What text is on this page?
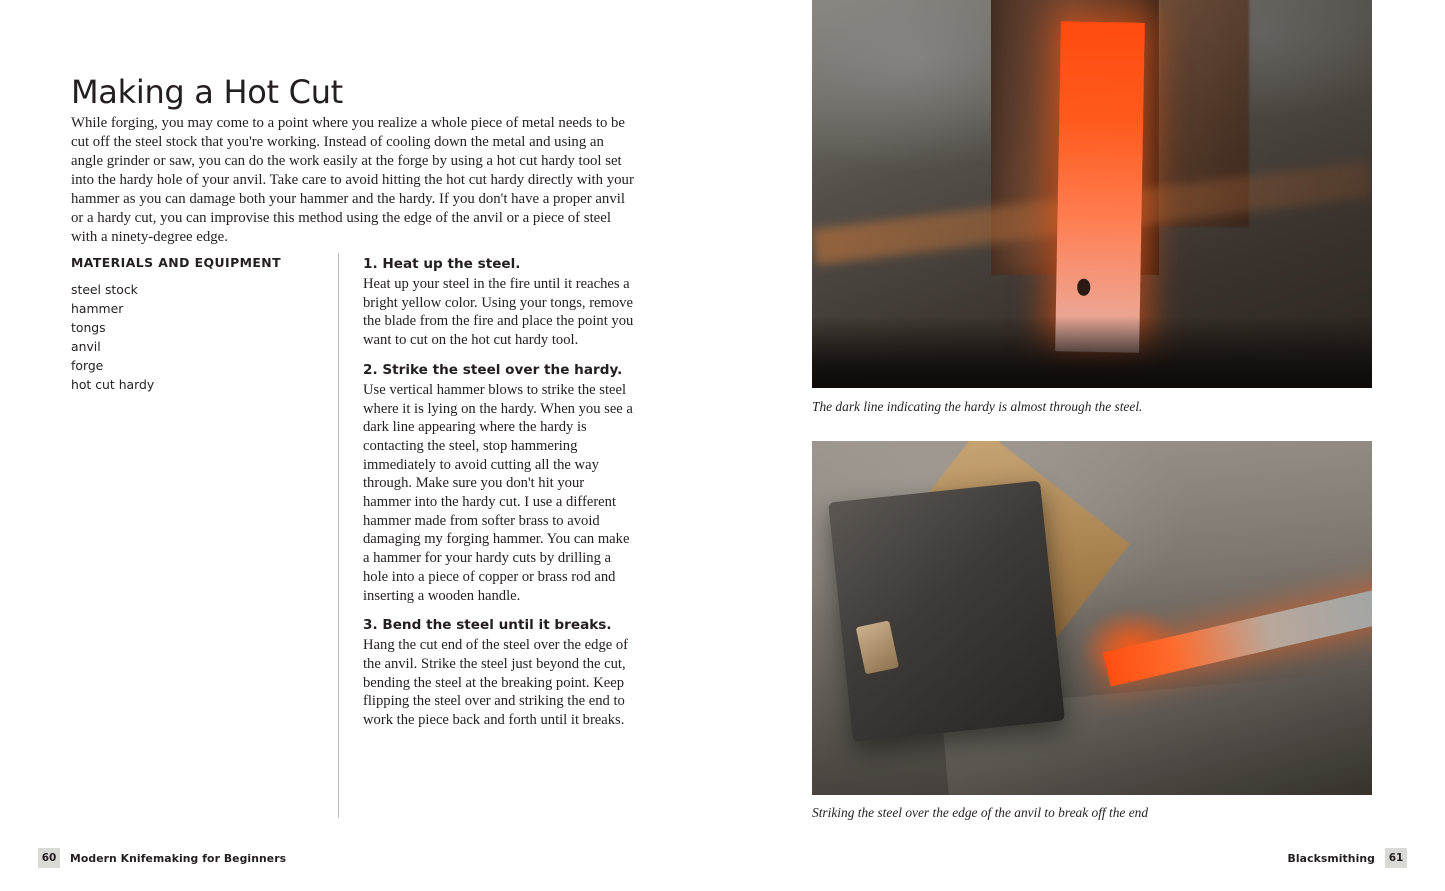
Making a Hot Cut

While forging, you may come to a point where you realize a whole piece of metal needs to be cut off the steel stock that you're working. Instead of cooling down the metal and using an angle grinder or saw, you can do the work easily at the forge by using a hot cut hardy tool set into the hardy hole of your anvil. Take care to avoid hitting the hot cut hardy directly with your hammer as you can damage both your hammer and the hardy. If you don't have a proper anvil or a hardy cut, you can improvise this method using the edge of the anvil or a piece of steel with a ninety-degree edge.

MATERIALS AND EQUIPMENT
steel stock
hammer
tongs
anvil
forge
hot cut hardy
1. Heat up the steel.
Heat up your steel in the fire until it reaches a bright yellow color. Using your tongs, remove the blade from the fire and place the point you want to cut on the hot cut hardy tool.
2. Strike the steel over the hardy.
Use vertical hammer blows to strike the steel where it is lying on the hardy. When you see a dark line appearing where the hardy is contacting the steel, stop hammering immediately to avoid cutting all the way through. Make sure you don't hit your hammer into the hardy cut. I use a different hammer made from softer brass to avoid damaging my forging hammer. You can make a hammer for your hardy cuts by drilling a hole into a piece of copper or brass rod and inserting a wooden handle.
3. Bend the steel until it breaks.
Hang the cut end of the steel over the edge of the anvil. Strike the steel just beyond the cut, bending the steel at the breaking point. Keep flipping the steel over and striking the end to work the piece back and forth until it breaks.
60	Modern Knifemaking for Beginners
The dark line indicating the hardy is almost through the steel.
Striking the steel over the edge of the anvil to break off the end
Blacksmithing	61
